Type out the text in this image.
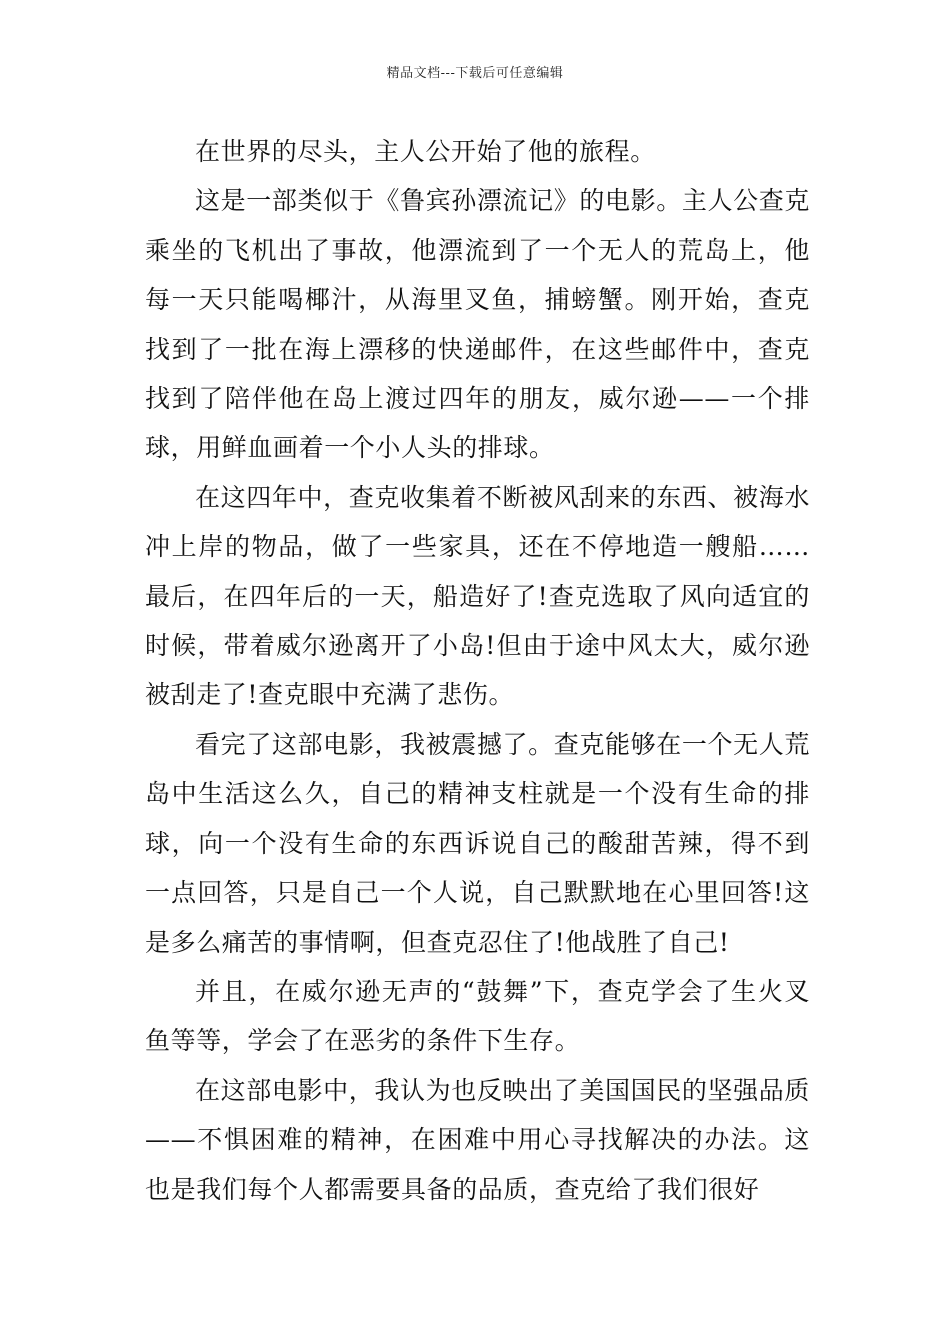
精品文档---下载后可任意编辑

在世界的尽头，主人公开始了他的旅程。

这是一部类似于《鲁宾孙漂流记》的电影。主人公查克乘坐的飞机出了事故，他漂流到了一个无人的荒岛上，他每一天只能喝椰汁，从海里叉鱼，捕螃蟹。刚开始，查克找到了一批在海上漂移的快递邮件，在这些邮件中，查克找到了陪伴他在岛上渡过四年的朋友，威尔逊——一个排球，用鲜血画着一个小人头的排球。

在这四年中，查克收集着不断被风刮来的东西、被海水冲上岸的物品，做了一些家具，还在不停地造一艘船……最后，在四年后的一天，船造好了!查克选取了风向适宜的时候，带着威尔逊离开了小岛!但由于途中风太大，威尔逊被刮走了!查克眼中充满了悲伤。

看完了这部电影，我被震撼了。查克能够在一个无人荒岛中生活这么久，自己的精神支柱就是一个没有生命的排球，向一个没有生命的东西诉说自己的酸甜苦辣，得不到一点回答，只是自己一个人说，自己默默地在心里回答!这是多么痛苦的事情啊，但查克忍住了!他战胜了自己!

并且，在威尔逊无声的“鼓舞”下，查克学会了生火叉鱼等等，学会了在恶劣的条件下生存。

在这部电影中，我认为也反映出了美国国民的坚强品质——不惧困难的精神，在困难中用心寻找解决的办法。这也是我们每个人都需要具备的品质，查克给了我们很好
